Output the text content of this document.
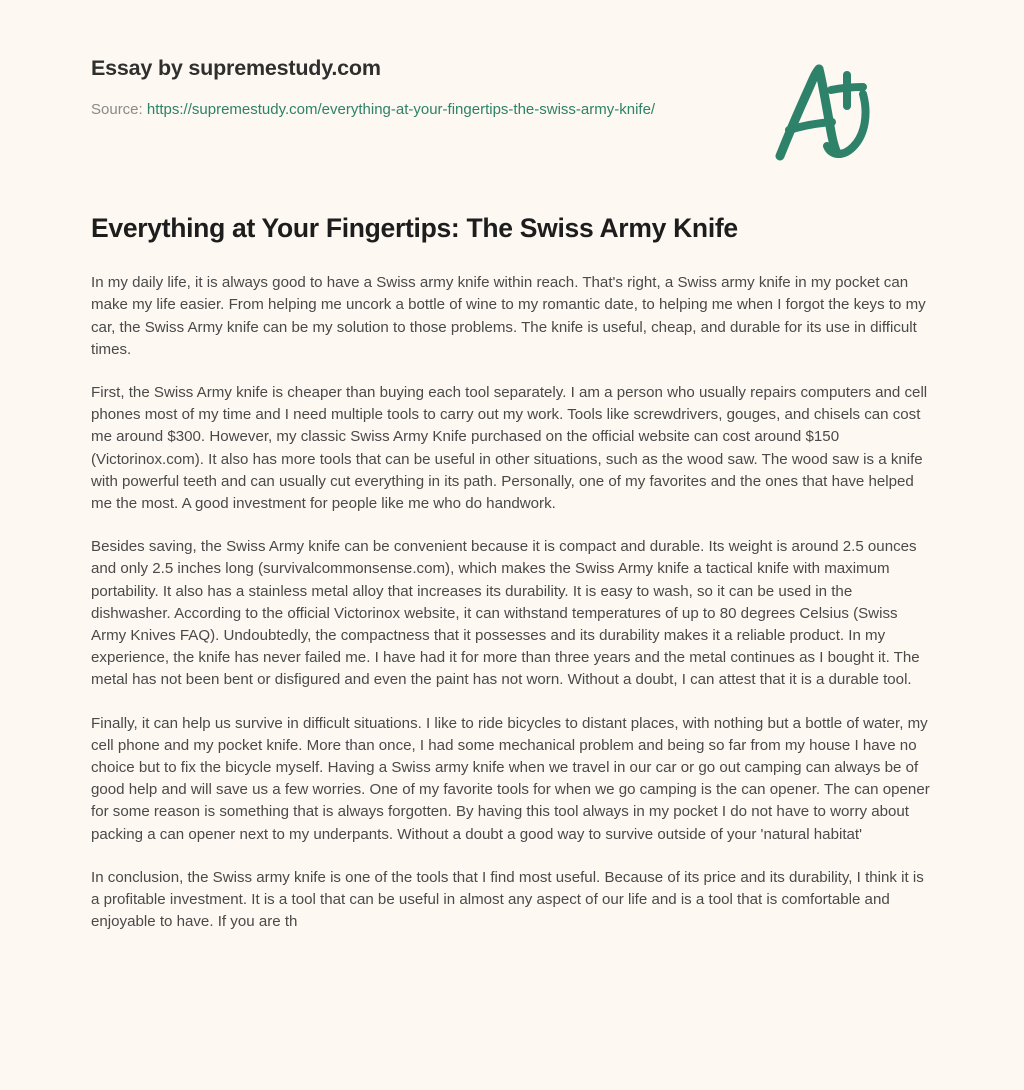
Essay by supremestudy.com
Source: https://supremestudy.com/everything-at-your-fingertips-the-swiss-army-knife/
Everything at Your Fingertips: The Swiss Army Knife

In my daily life, it is always good to have a Swiss army knife within reach. That's right, a Swiss army knife in my pocket can make my life easier. From helping me uncork a bottle of wine to my romantic date, to helping me when I forgot the keys to my car, the Swiss Army knife can be my solution to those problems. The knife is useful, cheap, and durable for its use in difficult times.

First, the Swiss Army knife is cheaper than buying each tool separately. I am a person who usually repairs computers and cell phones most of my time and I need multiple tools to carry out my work. Tools like screwdrivers, gouges, and chisels can cost me around $300. However, my classic Swiss Army Knife purchased on the official website can cost around $150 (Victorinox.com). It also has more tools that can be useful in other situations, such as the wood saw. The wood saw is a knife with powerful teeth and can usually cut everything in its path. Personally, one of my favorites and the ones that have helped me the most. A good investment for people like me who do handwork.

Besides saving, the Swiss Army knife can be convenient because it is compact and durable. Its weight is around 2.5 ounces and only 2.5 inches long (survivalcommonsense.com), which makes the Swiss Army knife a tactical knife with maximum portability. It also has a stainless metal alloy that increases its durability. It is easy to wash, so it can be used in the dishwasher. According to the official Victorinox website, it can withstand temperatures of up to 80 degrees Celsius (Swiss Army Knives FAQ). Undoubtedly, the compactness that it possesses and its durability makes it a reliable product. In my experience, the knife has never failed me. I have had it for more than three years and the metal continues as I bought it. The metal has not been bent or disfigured and even the paint has not worn. Without a doubt, I can attest that it is a durable tool.

Finally, it can help us survive in difficult situations. I like to ride bicycles to distant places, with nothing but a bottle of water, my cell phone and my pocket knife. More than once, I had some mechanical problem and being so far from my house I have no choice but to fix the bicycle myself. Having a Swiss army knife when we travel in our car or go out camping can always be of good help and will save us a few worries. One of my favorite tools for when we go camping is the can opener. The can opener for some reason is something that is always forgotten. By having this tool always in my pocket I do not have to worry about packing a can opener next to my underpants. Without a doubt a good way to survive outside of your 'natural habitat'

In conclusion, the Swiss army knife is one of the tools that I find most useful. Because of its price and its durability, I think it is a profitable investment. It is a tool that can be useful in almost any aspect of our life and is a tool that is comfortable and enjoyable to have. If you are th
